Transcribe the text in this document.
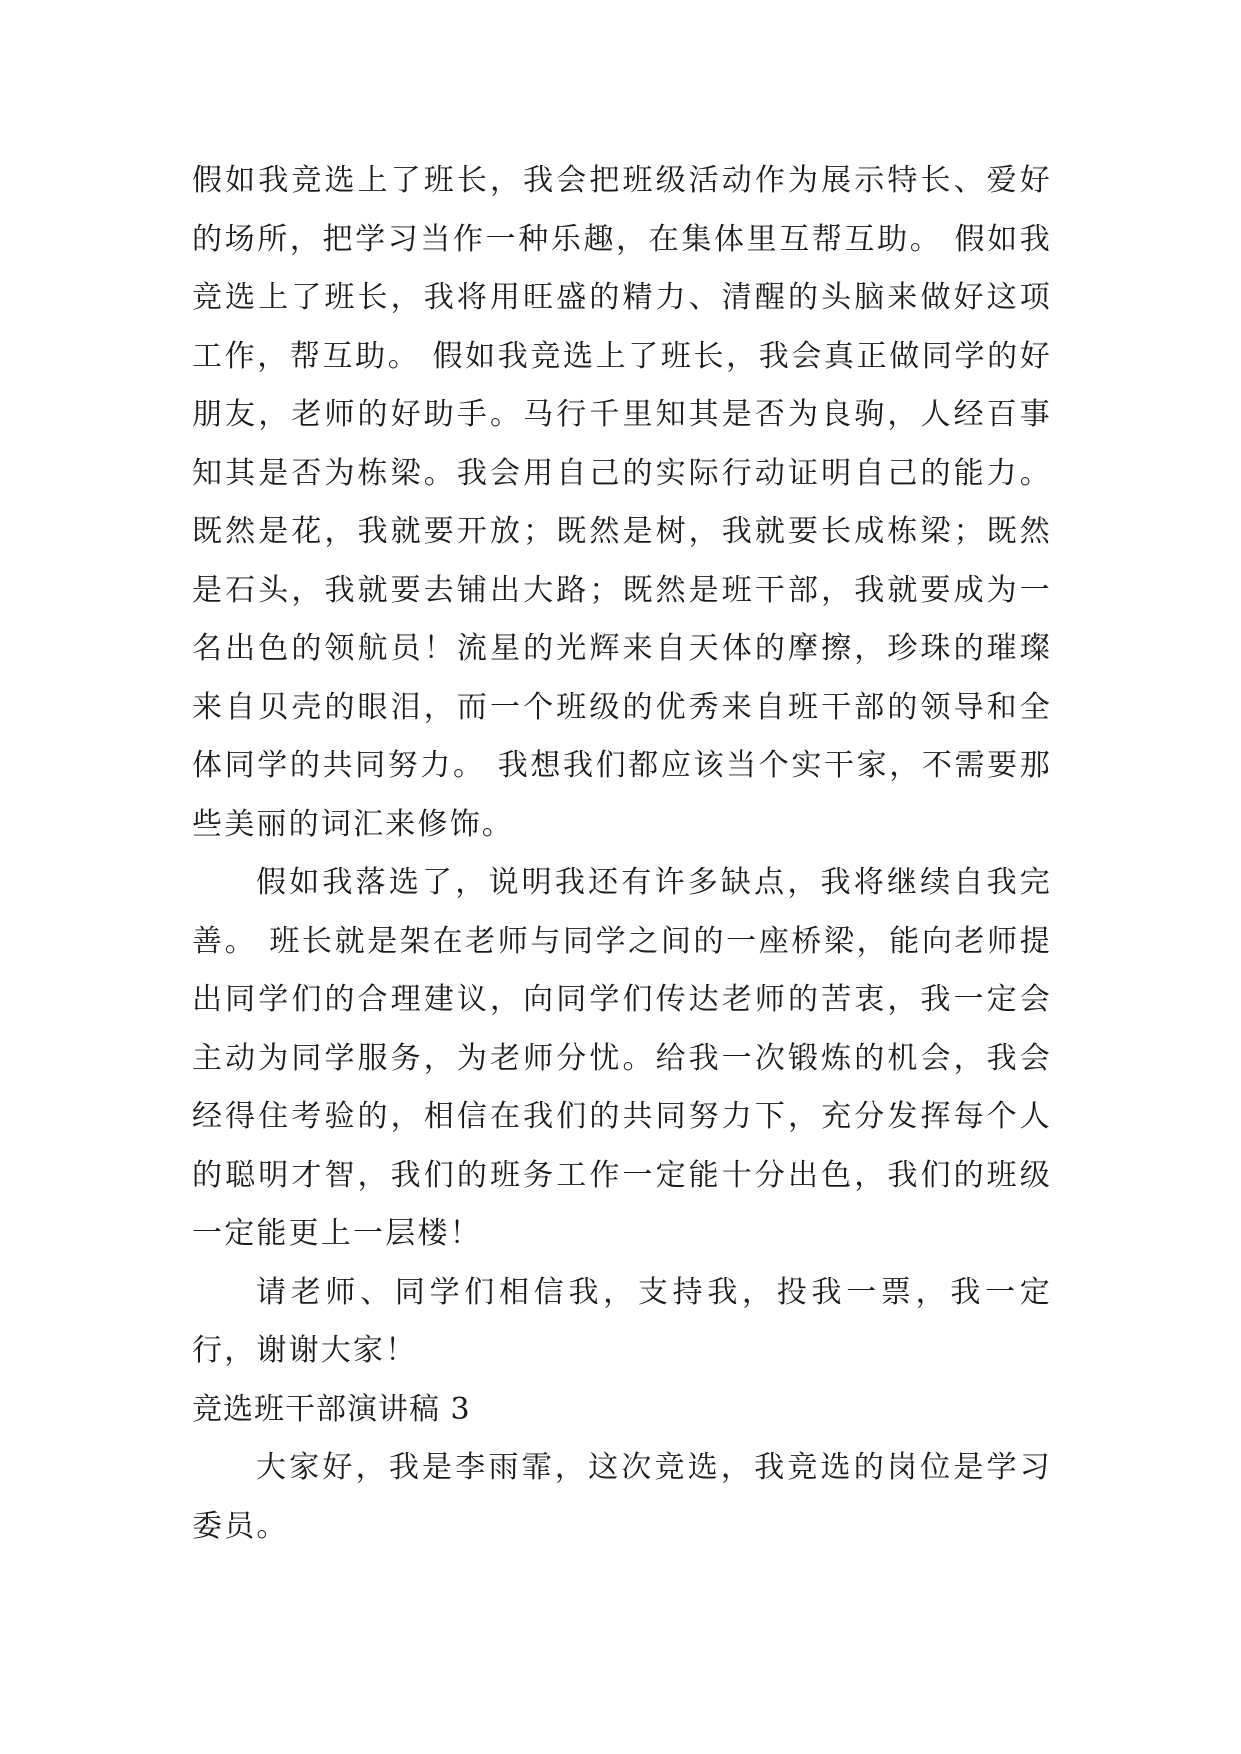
假如我竞选上了班长，我会把班级活动作为展示特长、爱好的场所，把学习当作一种乐趣，在集体里互帮互助。 假如我竞选上了班长，我将用旺盛的精力、清醒的头脑来做好这项工作，帮互助。 假如我竞选上了班长，我会真正做同学的好朋友，老师的好助手。马行千里知其是否为良驹，人经百事知其是否为栋梁。我会用自己的实际行动证明自己的能力。既然是花，我就要开放；既然是树，我就要长成栋梁；既然是石头，我就要去铺出大路；既然是班干部，我就要成为一名出色的领航员！流星的光辉来自天体的摩擦，珍珠的璀璨来自贝壳的眼泪，而一个班级的优秀来自班干部的领导和全体同学的共同努力。 我想我们都应该当个实干家，不需要那些美丽的词汇来修饰。

假如我落选了，说明我还有许多缺点，我将继续自我完善。 班长就是架在老师与同学之间的一座桥梁，能向老师提出同学们的合理建议，向同学们传达老师的苦衷，我一定会主动为同学服务，为老师分忧。给我一次锻炼的机会，我会经得住考验的，相信在我们的共同努力下，充分发挥每个人的聪明才智，我们的班务工作一定能十分出色，我们的班级一定能更上一层楼！

请老师、同学们相信我，支持我，投我一票，我一定行，谢谢大家！

竞选班干部演讲稿 3

大家好，我是李雨霏，这次竞选，我竞选的岗位是学习委员。
